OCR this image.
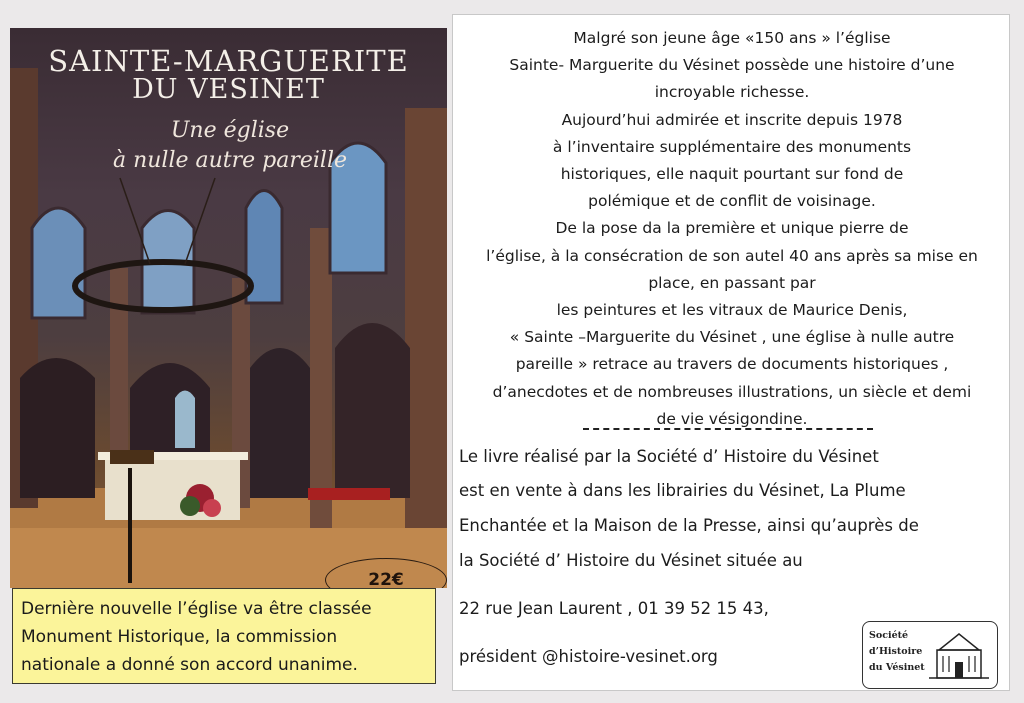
SAINTE-MARGUERITE
DU VESINET
Une église
à nulle autre pareille
22€
Dernière nouvelle l’église va être classée
Monument Historique, la commission
nationale a donné son accord unanime.
Malgré son jeune âge «150 ans » l’église
Sainte- Marguerite du Vésinet possède une histoire d’une
incroyable richesse.
Aujourd’hui admirée et inscrite depuis 1978
à l’inventaire supplémentaire des monuments
historiques, elle naquit pourtant sur fond de
polémique et de conflit de voisinage.
De la pose da la première et unique pierre de
l’église, à la consécration de son autel 40 ans après sa mise en
place, en passant par
les peintures et les vitraux de Maurice Denis,
« Sainte –Marguerite du Vésinet , une église à nulle autre
pareille » retrace au travers de documents historiques ,
d’anecdotes et de nombreuses illustrations, un siècle et demi
de vie vésigondine.
Le livre réalisé par la Société d’ Histoire du Vésinet
est en vente à dans les librairies du Vésinet, La Plume
Enchantée et la Maison de la Presse, ainsi qu’auprès de
la Société d’ Histoire du Vésinet située au
22 rue Jean Laurent , 01 39 52 15 43,
président @histoire-vesinet.org
Société
d’Histoire
du Vésinet
